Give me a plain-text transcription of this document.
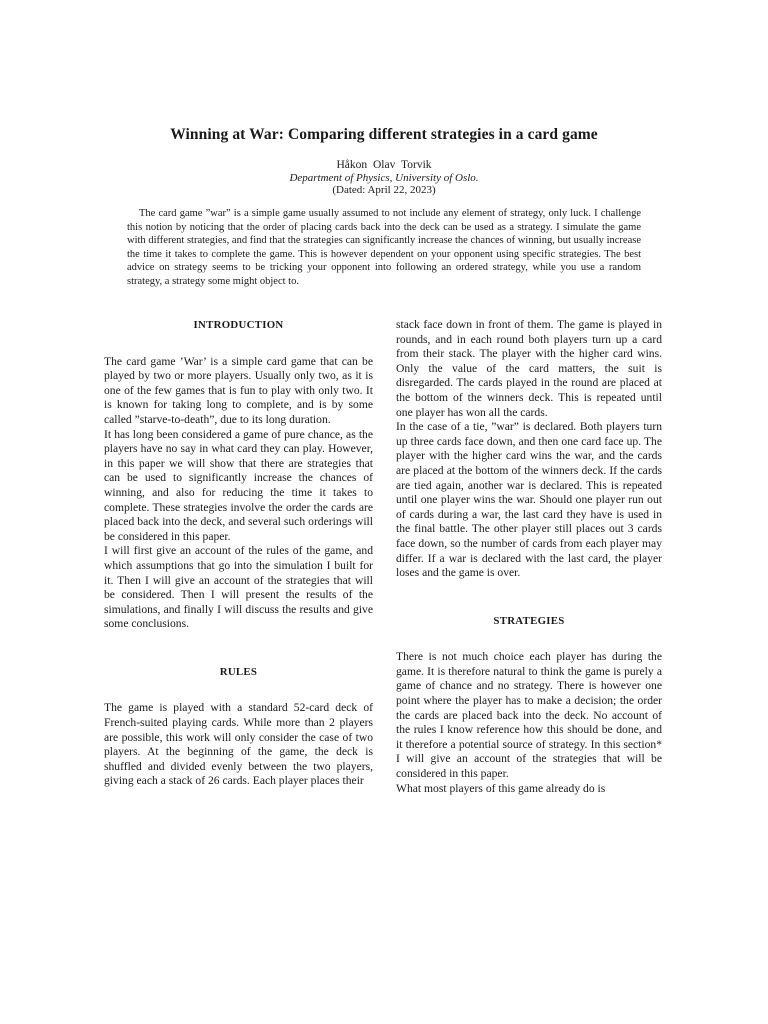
Winning at War: Comparing different strategies in a card game
Håkon Olav Torvik
Department of Physics, University of Oslo.
(Dated: April 22, 2023)
The card game ”war” is a simple game usually assumed to not include any element of strategy, only luck. I challenge this notion by noticing that the order of placing cards back into the deck can be used as a strategy. I simulate the game with different strategies, and find that the strategies can significantly increase the chances of winning, but usually increase the time it takes to complete the game. This is however dependent on your opponent using specific strategies. The best advice on strategy seems to be tricking your opponent into following an ordered strategy, while you use a random strategy, a strategy some might object to.
INTRODUCTION

The card game ’War’ is a simple card game that can be played by two or more players. Usually only two, as it is one of the few games that is fun to play with only two. It is known for taking long to complete, and is by some called ”starve-to-death”, due to its long duration.

It has long been considered a game of pure chance, as the players have no say in what card they can play. However, in this paper we will show that there are strategies that can be used to significantly increase the chances of winning, and also for reducing the time it takes to complete. These strategies involve the order the cards are placed back into the deck, and several such orderings will be considered in this paper.

I will first give an account of the rules of the game, and which assumptions that go into the simulation I built for it. Then I will give an account of the strategies that will be considered. Then I will present the results of the simulations, and finally I will discuss the results and give some conclusions.

RULES

The game is played with a standard 52-card deck of French-suited playing cards. While more than 2 players are possible, this work will only consider the case of two players. At the beginning of the game, the deck is shuffled and divided evenly between the two players, giving each a stack of 26 cards. Each player places their

stack face down in front of them. The game is played in rounds, and in each round both players turn up a card from their stack. The player with the higher card wins. Only the value of the card matters, the suit is disregarded. The cards played in the round are placed at the bottom of the winners deck. This is repeated until one player has won all the cards.

In the case of a tie, ”war” is declared. Both players turn up three cards face down, and then one card face up. The player with the higher card wins the war, and the cards are placed at the bottom of the winners deck. If the cards are tied again, another war is declared. This is repeated until one player wins the war. Should one player run out of cards during a war, the last card they have is used in the final battle. The other player still places out 3 cards face down, so the number of cards from each player may differ. If a war is declared with the last card, the player loses and the game is over.

STRATEGIES

There is not much choice each player has during the game. It is therefore natural to think the game is purely a game of chance and no strategy. There is however one point where the player has to make a decision; the order the cards are placed back into the deck. No account of the rules I know reference how this should be done, and it therefore a potential source of strategy. In this section* I will give an account of the strategies that will be considered in this paper.

What most players of this game already do is
